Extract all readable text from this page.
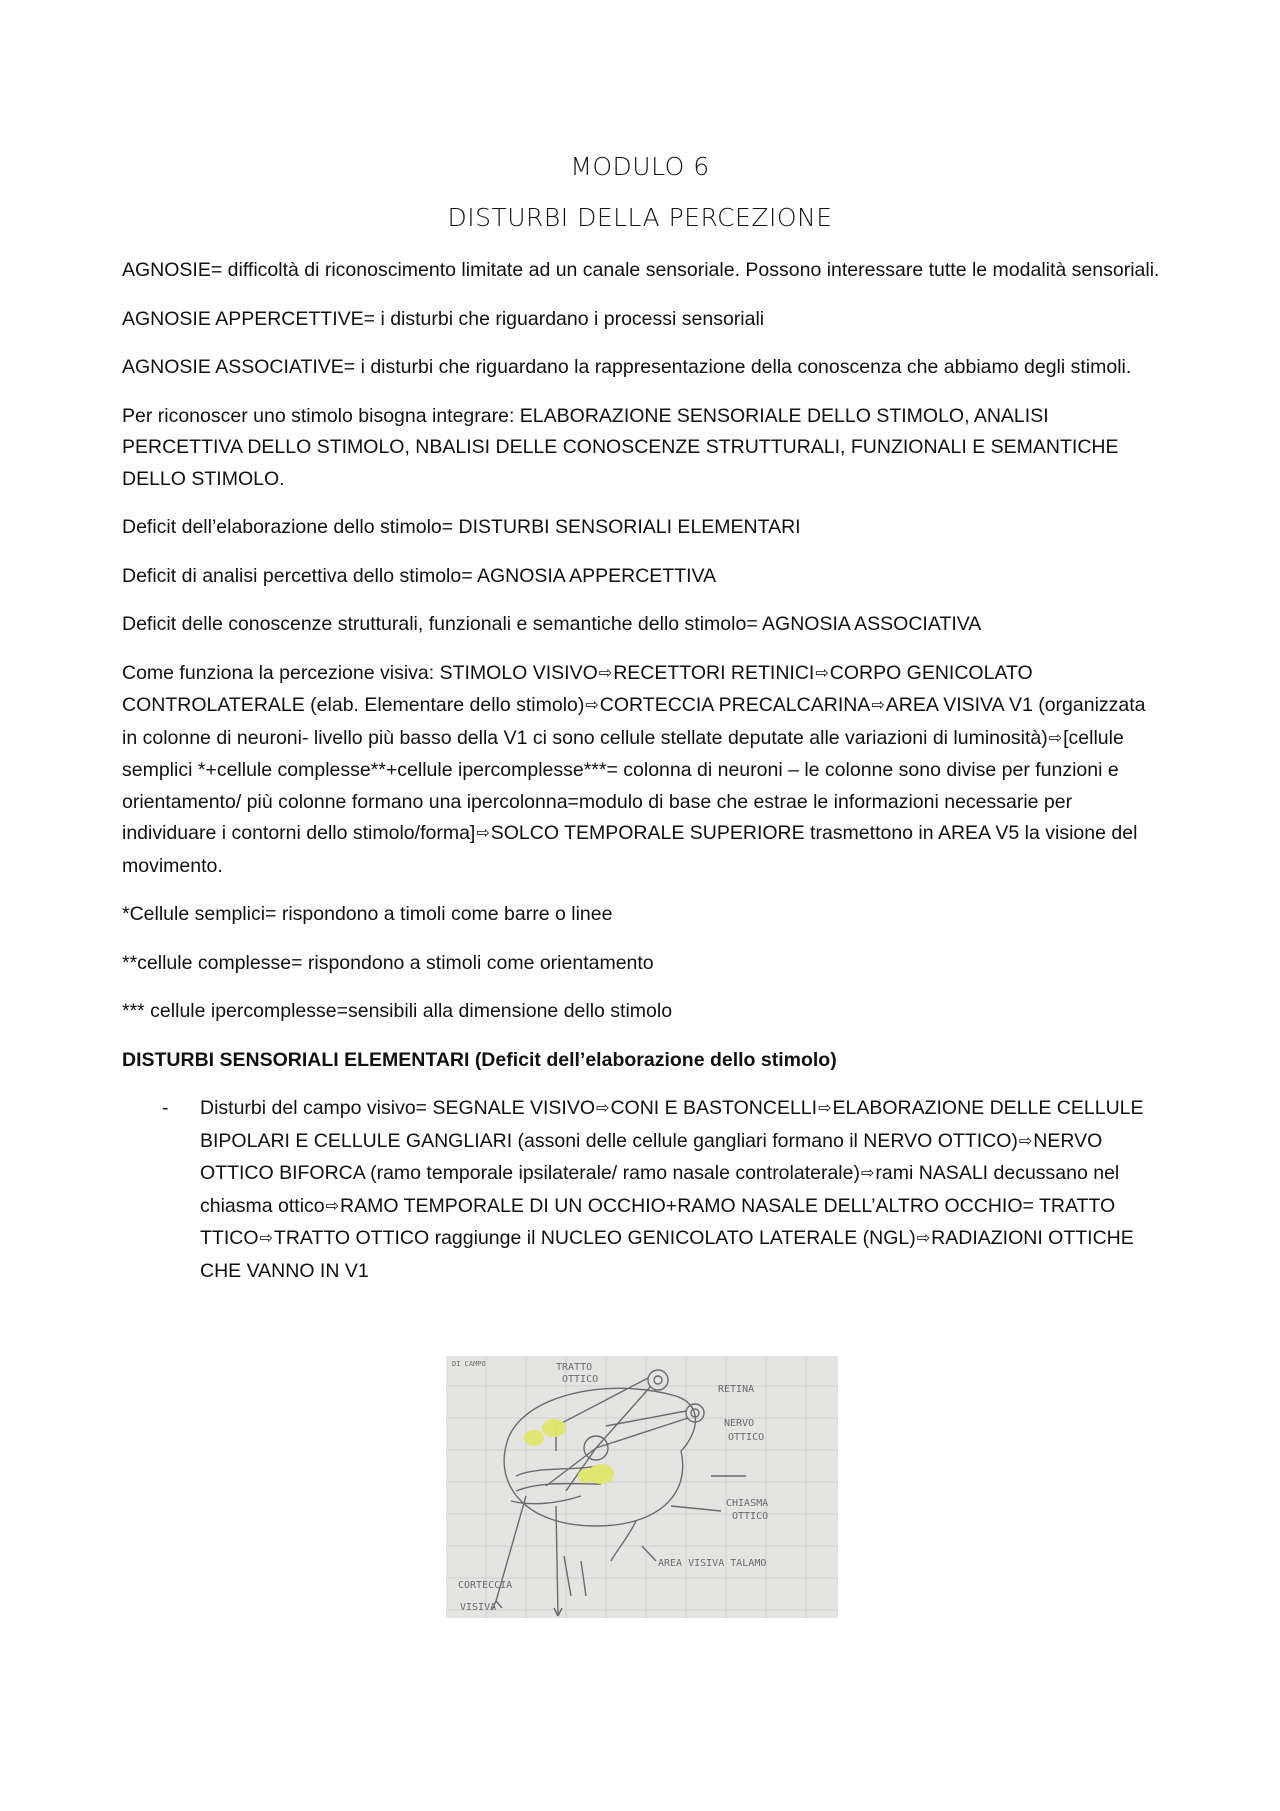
MODULO 6
DISTURBI DELLA PERCEZIONE

AGNOSIE= difficoltà di riconoscimento limitate ad un canale sensoriale. Possono interessare tutte le modalità sensoriali.

AGNOSIE APPERCETTIVE= i disturbi che riguardano i processi sensoriali

AGNOSIE ASSOCIATIVE= i disturbi che riguardano la rappresentazione della conoscenza che abbiamo degli stimoli.

Per riconoscer uno stimolo bisogna integrare: ELABORAZIONE SENSORIALE DELLO STIMOLO, ANALISI PERCETTIVA DELLO STIMOLO, NBALISI DELLE CONOSCENZE STRUTTURALI, FUNZIONALI E SEMANTICHE DELLO STIMOLO.

Deficit dell’elaborazione dello stimolo= DISTURBI SENSORIALI ELEMENTARI

Deficit di analisi percettiva dello stimolo= AGNOSIA APPERCETTIVA

Deficit delle conoscenze strutturali, funzionali e semantiche dello stimolo= AGNOSIA ASSOCIATIVA

Come funziona la percezione visiva: STIMOLO VISIVO⇨RECETTORI RETINICI⇨CORPO GENICOLATO CONTROLATERALE (elab. Elementare dello stimolo)⇨CORTECCIA PRECALCARINA⇨AREA VISIVA V1 (organizzata in colonne di neuroni- livello più basso della V1 ci sono cellule stellate deputate alle variazioni di luminosità)⇨[cellule semplici *+cellule complesse**+cellule ipercomplesse***= colonna di neuroni – le colonne sono divise per funzioni e orientamento/ più colonne formano una ipercolonna=modulo di base che estrae le informazioni necessarie per individuare i contorni dello stimolo/forma]⇨SOLCO TEMPORALE SUPERIORE trasmettono in AREA V5 la visione del movimento.

*Cellule semplici= rispondono a timoli come barre o linee

**cellule complesse= rispondono a stimoli come orientamento

*** cellule ipercomplesse=sensibili alla dimensione dello stimolo

DISTURBI SENSORIALI ELEMENTARI (Deficit dell’elaborazione dello stimolo)

- Disturbi del campo visivo= SEGNALE VISIVO⇨CONI E BASTONCELLI⇨ELABORAZIONE DELLE CELLULE BIPOLARI E CELLULE GANGLIARI (assoni delle cellule gangliari formano il NERVO OTTICO)⇨NERVO OTTICO BIFORCA (ramo temporale ipsilaterale/ ramo nasale controlaterale)⇨rami NASALI decussano nel chiasma ottico⇨RAMO TEMPORALE DI UN OCCHIO+RAMO NASALE DELL’ALTRO OCCHIO= TRATTO TTICO⇨TRATTO OTTICO raggiunge il NUCLEO GENICOLATO LATERALE (NGL)⇨RADIAZIONI OTTICHE CHE VANNO IN V1
DI CAMPO	TRATTO
OTTICO
RETINA
NERVO
OTTICO
CHIASMA
OTTICO
AREA VISIVA TALAMO
CORTECCIA
VISIVA
